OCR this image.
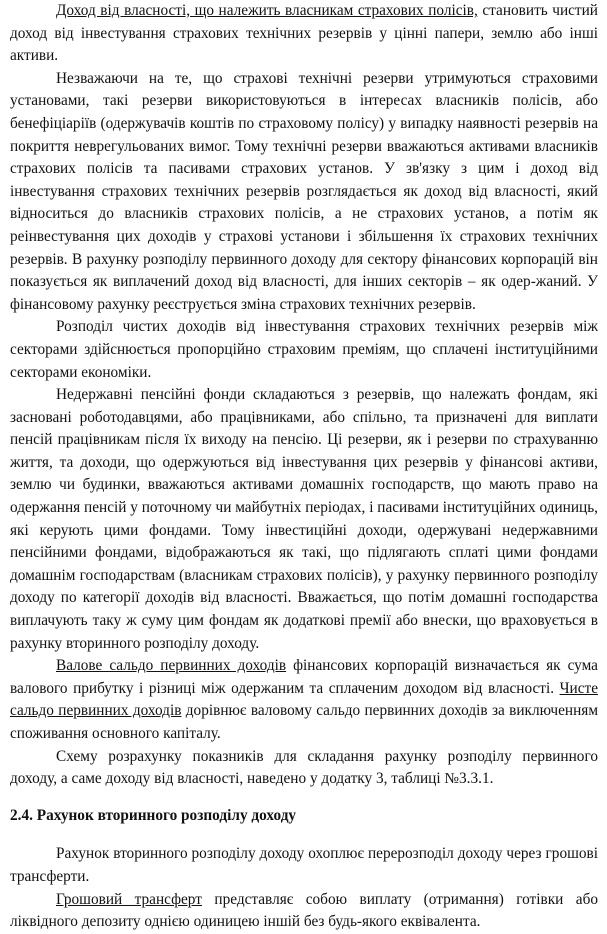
Доход від власності, що належить власникам страхових полісів, становить чистий доход від інвестування страхових технічних резервів у цінні папери, землю або інші активи.

Незважаючи на те, що страхові технічні резерви утримуються страховими установами, такі резерви використовуються в інтересах власників полісів, або бенефіціаріїв (одержувачів коштів по страховому полісу) у випадку наявності резервів на покриття неврегульованих вимог. Тому технічні резерви вважаються активами власників страхових полісів та пасивами страхових установ. У зв'язку з цим і доход від інвестування страхових технічних резервів розглядається як доход від власності, який відноситься до власників страхових полісів, а не страхових установ, а потім як реінвестування цих доходів у страхові установи і збільшення їх страхових технічних резервів. В рахунку розподілу первинного доходу для сектору фінансових корпорацій він показується як виплачений доход від власності, для інших секторів – як одер-жаний. У фінансовому рахунку реєструється зміна страхових технічних резервів.

Розподіл чистих доходів від інвестування страхових технічних резервів між секторами здійснюється пропорційно страховим преміям, що сплачені інституційними секторами економіки.

Недержавні пенсійні фонди складаються з резервів, що належать фондам, які засновані роботодавцями, або працівниками, або спільно, та призначені для виплати пенсій працівникам після їх виходу на пенсію. Ці резерви, як і резерви по страхуванню життя, та доходи, що одержуються від інвестування цих резервів у фінансові активи, землю чи будинки, вважаються активами домашніх господарств, що мають право на одержання пенсій у поточному чи майбутніх періодах, і пасивами інституційних одиниць, які керують цими фондами. Тому інвестиційні доходи, одержувані недержавними пенсійними фондами, відображаються як такі, що підлягають сплаті цими фондами домашнім господарствам (власникам страхових полісів), у рахунку первинного розподілу доходу по категорії доходів від власності. Вважається, що потім домашні господарства виплачують таку ж суму цим фондам як додаткові премії або внески, що враховується в рахунку вторинного розподілу доходу.

Валове сальдо первинних доходів фінансових корпорацій визначається як сума валового прибутку і різниці між одержаним та сплаченим доходом від власності. Чисте сальдо первинних доходів дорівнює валовому сальдо первинних доходів за виключенням споживання основного капіталу.

Схему розрахунку показників для складання рахунку розподілу первинного доходу, а саме доходу від власності, наведено у додатку 3, таблиці №3.3.1.

2.4. Рахунок вторинного розподілу доходу

Рахунок вторинного розподілу доходу охоплює перерозподіл доходу через грошові трансферти.

Грошовий трансферт представляє собою виплату (отримання) готівки або ліквідного депозиту однією одиницею іншій без будь-якого еквівалента.
